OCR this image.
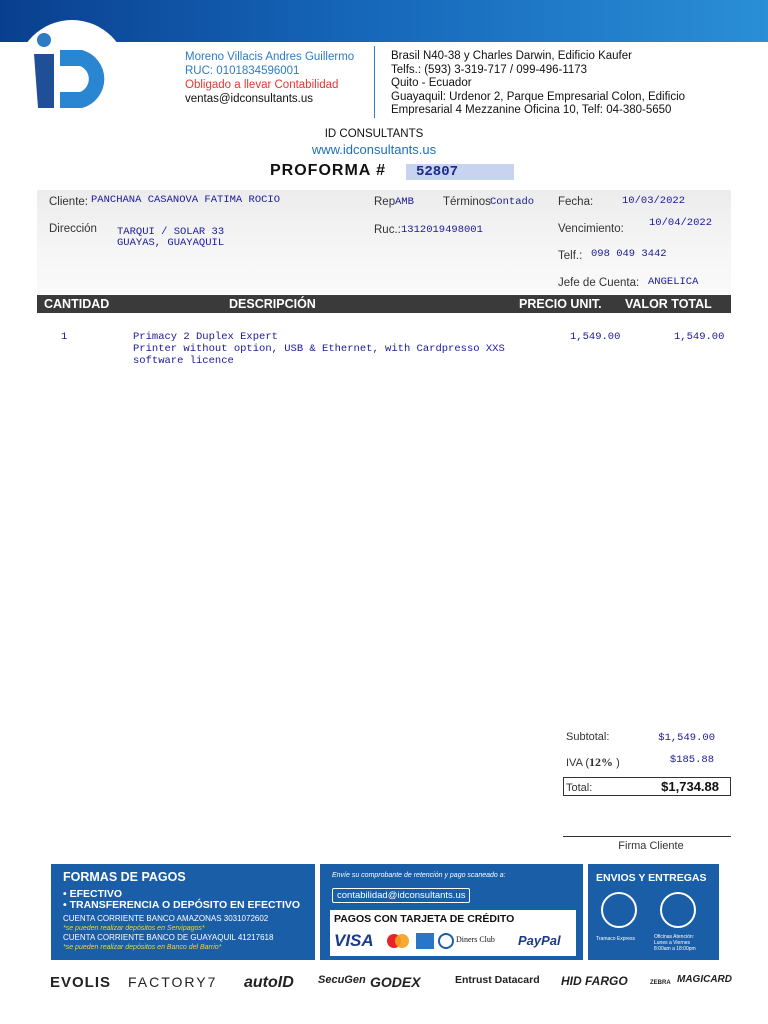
Moreno Villacis Andres Guillermo
RUC: 0101834596001
Obligado a llevar Contabilidad
ventas@idconsultants.us
Brasil N40-38 y Charles Darwin, Edificio Kaufer
Telfs.: (593) 3-319-717 / 099-496-1173
Quito - Ecuador
Guayaquil: Urdenor 2, Parque Empresarial Colon, Edificio
Empresarial 4 Mezzanine Oficina 10, Telf: 04-380-5650
ID CONSULTANTS
www.idconsultants.us
PROFORMA #	52807
Cliente: PANCHANA CASANOVA FATIMA ROCIO	Rep AMB	Términos Contado Fecha:	10/03/2022
Dirección TARQUI / SOLAR 33
GUAYAS, GUAYAQUIL
Ruc.: 1312019498001	Vencimiento: 10/04/2022
Telf.: 098 049 3442
Jefe de Cuenta: ANGELICA
CANTIDAD	DESCRIPCIÓN	PRECIO UNIT. VALOR TOTAL
1	Primacy 2 Duplex Expert
Printer without option, USB & Ethernet, with Cardpresso XXS
software licence
1,549.00	1,549.00
Subtotal:	$1,549.00
IVA (12% )	$185.88
Total:	$1,734.88
Firma Cliente
FORMAS DE PAGOS
• EFECTIVO
• TRANSFERENCIA O DEPÓSITO EN EFECTIVO
CUENTA CORRIENTE BANCO AMAZONAS 3031072602
*se pueden realizar depósitos en Servipagos*
CUENTA CORRIENTE BANCO DE GUAYAQUIL 41217618
*se pueden realizar depósitos en Banco del Barrio*
Envíe su comprobante de retención y pago scaneado a:
contabilidad@idconsultants.us
PAGOS CON TARJETA DE CRÉDITO
VISA	Diners Club PayPal
ENVIOS Y ENTREGAS
Tramaco Express	Oficinas Atención:
Lunes a Viernes
8:00am a 18:00pm
EVOLIS FACTORY7 autoID SecuGen GODEX	Entrust Datacard HID FARGO	ZEBRA MAGICARD
